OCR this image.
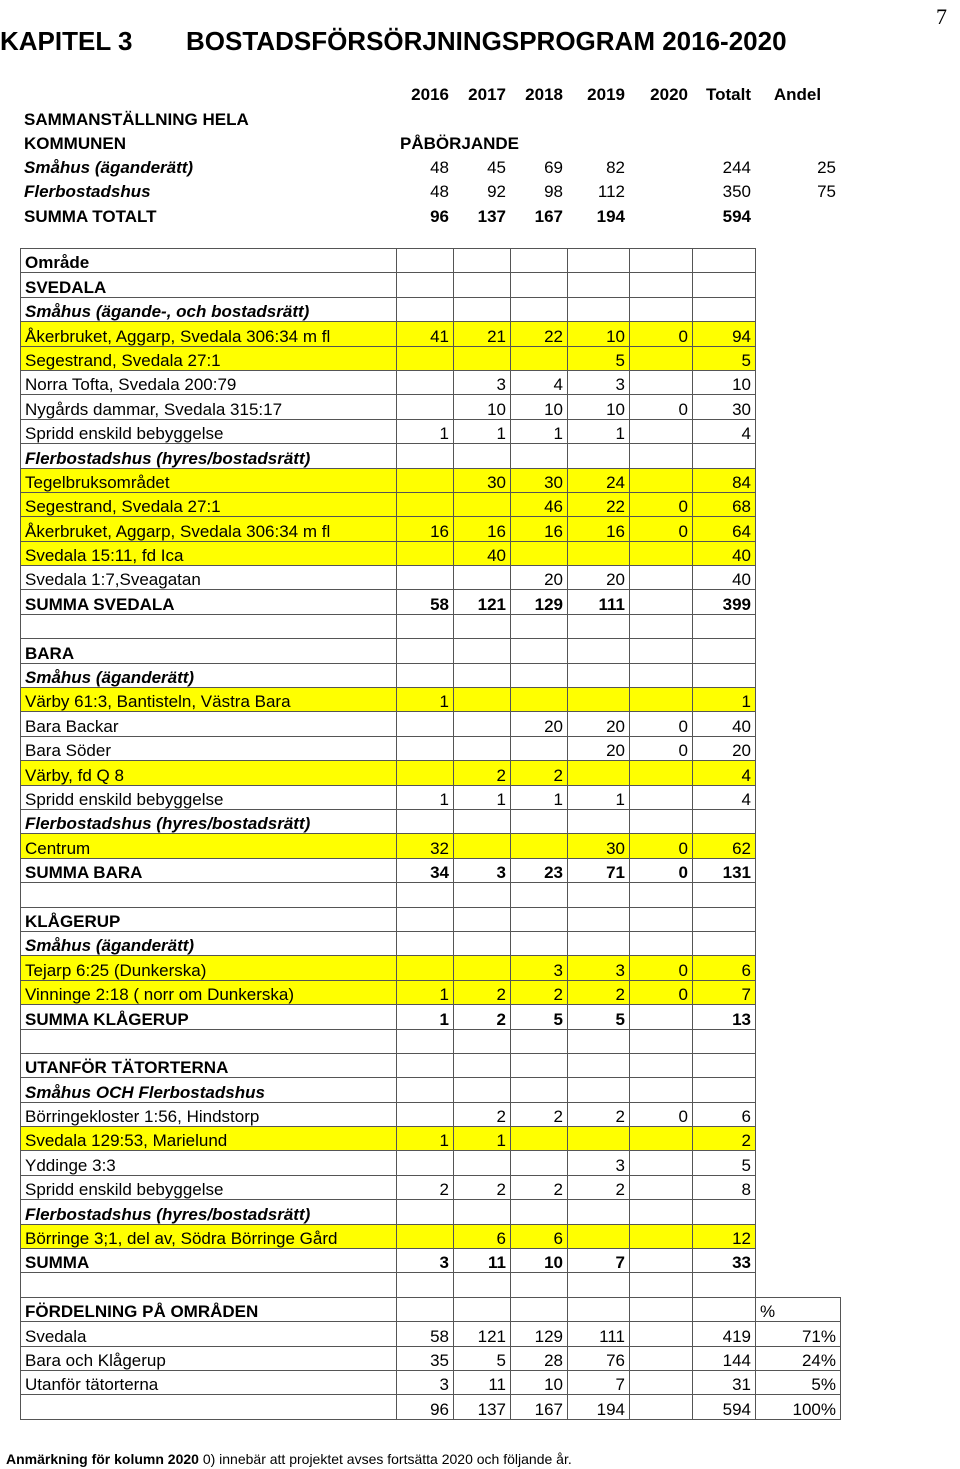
7
KAPITEL 3 BOSTADSFÖRSÖRJNINGSPROGRAM 2016-2020
	2016	2017	2018	2019	2020	Totalt	Andel
SAMMANSTÄLLNING HELA							
KOMMUNEN	PÅBÖRJANDE						
Småhus (äganderätt)	48	45	69	82		244	25
Flerbostadshus	48	92	98	112		350	75
SUMMA TOTALT	96	137	167	194		594	
Område							
SVEDALA							
Småhus (ägande-, och bostadsrätt)							
Åkerbruket, Aggarp, Svedala 306:34 m fl	41	21	22	10	0	94	
Segestrand, Svedala 27:1				5		5	
Norra Tofta, Svedala 200:79		3	4	3		10	
Nygårds dammar, Svedala 315:17		10	10	10	0	30	
Spridd enskild bebyggelse	1	1	1	1		4	
Flerbostadshus (hyres/bostadsrätt)							
Tegelbruksområdet		30	30	24		84	
Segestrand, Svedala 27:1			46	22	0	68	
Åkerbruket, Aggarp, Svedala 306:34 m fl	16	16	16	16	0	64	
Svedala 15:11, fd Ica		40				40	
Svedala 1:7,Sveagatan			20	20		40	
SUMMA SVEDALA	58	121	129	111		399	

BARA							
Småhus (äganderätt)							
Värby 61:3, Bantisteln, Västra Bara	1					1	
Bara Backar			20	20	0	40	
Bara Söder				20	0	20	
Värby, fd Q 8		2	2			4	
Spridd enskild bebyggelse	1	1	1	1		4	
Flerbostadshus (hyres/bostadsrätt)							
Centrum	32			30	0	62	
SUMMA BARA	34	3	23	71	0	131	

KLÅGERUP							
Småhus (äganderätt)							
Tejarp 6:25 (Dunkerska)			3	3	0	6	
Vinninge 2:18 ( norr om Dunkerska)	1	2	2	2	0	7	
SUMMA KLÅGERUP	1	2	5	5		13	

UTANFÖR TÄTORTERNA							
Småhus OCH Flerbostadshus							
Börringekloster 1:56, Hindstorp		2	2	2	0	6	
Svedala 129:53, Marielund	1	1				2	
Yddinge 3:3				3		5	
Spridd enskild bebyggelse	2	2	2	2		8	
Flerbostadshus (hyres/bostadsrätt)							
Börringe 3;1, del av, Södra Börringe Gård		6	6			12	
SUMMA	3	11	10	7		33	

FÖRDELNING PÅ OMRÅDEN							%
Svedala	58	121	129	111		419	71%
Bara och Klågerup	35	5	28	76		144	24%
Utanför tätorterna	3	11	10	7		31	5%
	96	137	167	194		594	100%
Anmärkning för kolumn 2020 0) innebär att projektet avses fortsätta 2020 och följande år.
